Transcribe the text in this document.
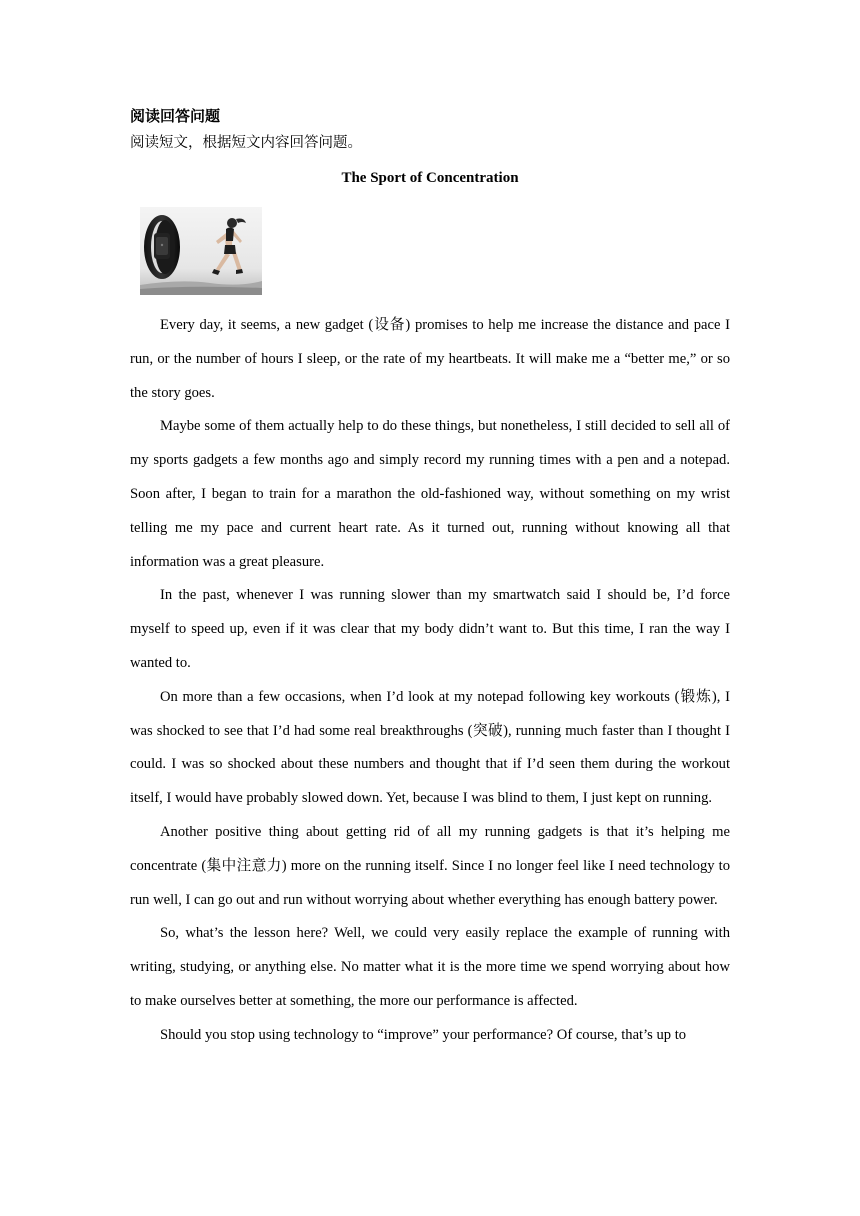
阅读回答问题
阅读短文，根据短文内容回答问题。
The Sport of Concentration

Every day, it seems, a new gadget (设备) promises to help me increase the distance and pace I run, or the number of hours I sleep, or the rate of my heartbeats. It will make me a “better me,” or so the story goes.

Maybe some of them actually help to do these things, but nonetheless, I still decided to sell all of my sports gadgets a few months ago and simply record my running times with a pen and a notepad. Soon after, I began to train for a marathon the old-fashioned way, without something on my wrist telling me my pace and current heart rate. As it turned out, running without knowing all that information was a great pleasure.

In the past, whenever I was running slower than my smartwatch said I should be, I’d force myself to speed up, even if it was clear that my body didn’t want to. But this time, I ran the way I wanted to.

On more than a few occasions, when I’d look at my notepad following key workouts (锻炼), I was shocked to see that I’d had some real breakthroughs (突破), running much faster than I thought I could. I was so shocked about these numbers and thought that if I’d seen them during the workout itself, I would have probably slowed down. Yet, because I was blind to them, I just kept on running.

Another positive thing about getting rid of all my running gadgets is that it’s helping me concentrate (集中注意力) more on the running itself. Since I no longer feel like I need technology to run well, I can go out and run without worrying about whether everything has enough battery power.

So, what’s the lesson here? Well, we could very easily replace the example of running with writing, studying, or anything else. No matter what it is the more time we spend worrying about how to make ourselves better at something, the more our performance is affected.

Should you stop using technology to “improve” your performance? Of course, that’s up to
